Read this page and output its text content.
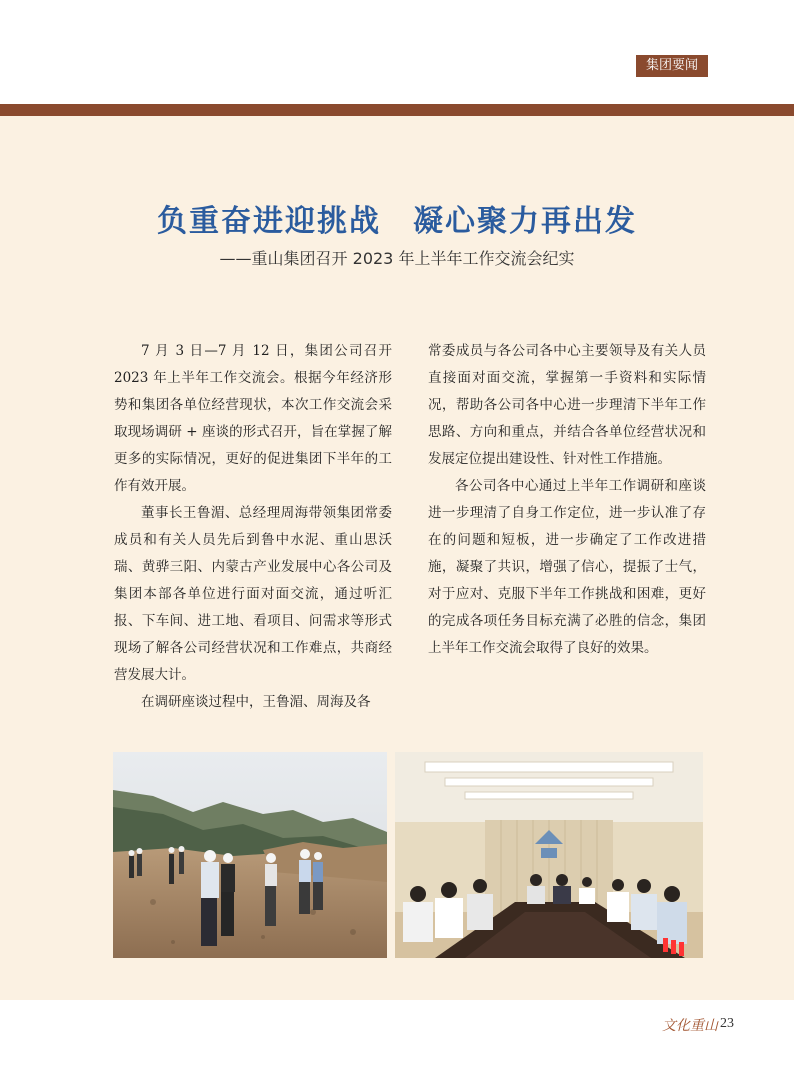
集团要闻
负重奋进迎挑战　凝心聚力再出发
——重山集团召开 2023 年上半年工作交流会纪实

7 月 3 日—7 月 12 日，集团公司召开 2023 年上半年工作交流会。根据今年经济形势和集团各单位经营现状，本次工作交流会采取现场调研 + 座谈的形式召开，旨在掌握了解更多的实际情况，更好的促进集团下半年的工作有效开展。

董事长王鲁湄、总经理周海带领集团常委成员和有关人员先后到鲁中水泥、重山思沃瑞、黄骅三阳、内蒙古产业发展中心各公司及集团本部各单位进行面对面交流，通过听汇报、下车间、进工地、看项目、问需求等形式现场了解各公司经营状况和工作难点，共商经营发展大计。

在调研座谈过程中，王鲁湄、周海及各

常委成员与各公司各中心主要领导及有关人员直接面对面交流，掌握第一手资料和实际情况，帮助各公司各中心进一步理清下半年工作思路、方向和重点，并结合各单位经营状况和发展定位提出建设性、针对性工作措施。

各公司各中心通过上半年工作调研和座谈进一步理清了自身工作定位，进一步认准了存在的问题和短板，进一步确定了工作改进措施，凝聚了共识，增强了信心，提振了士气，对于应对、克服下半年工作挑战和困难，更好的完成各项任务目标充满了必胜的信念，集团上半年工作交流会取得了良好的效果。

文化重山 23
